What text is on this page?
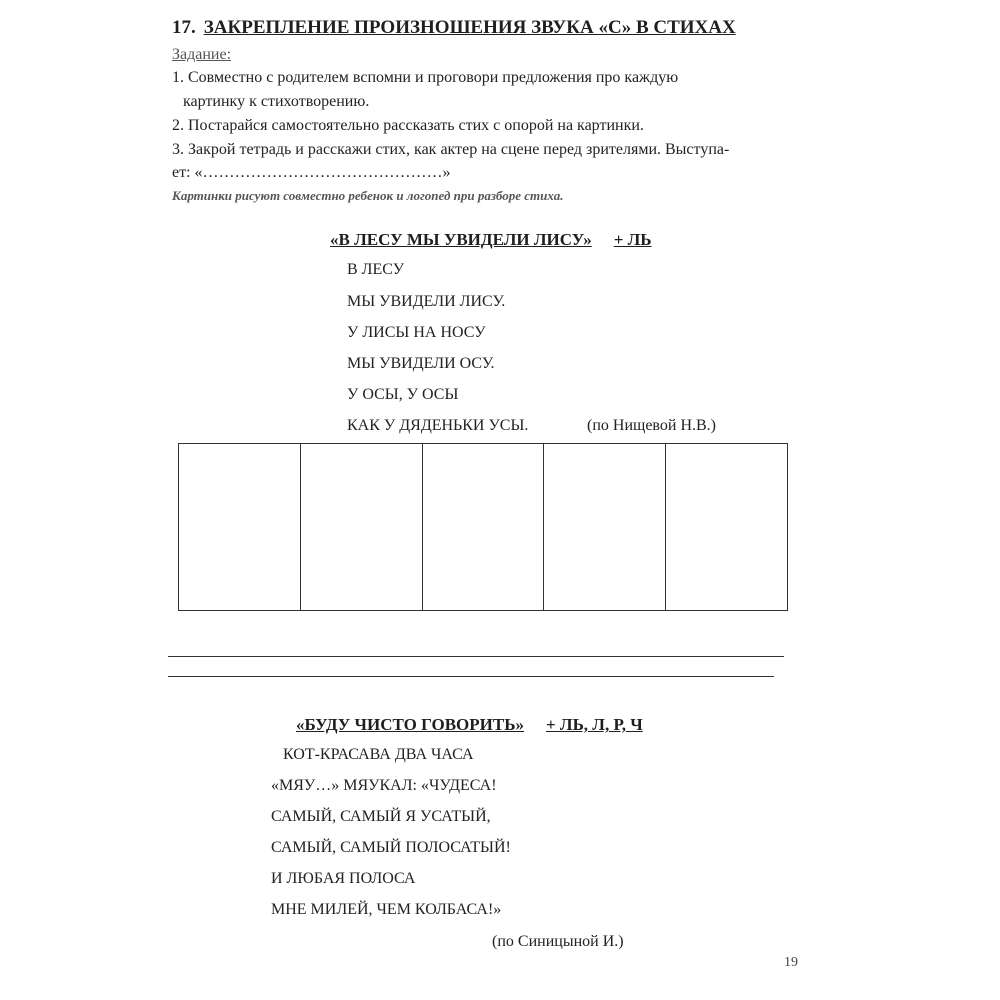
17. ЗАКРЕПЛЕНИЕ ПРОИЗНОШЕНИЯ ЗВУКА «С» В СТИХАХ
Задание:
1. Совместно с родителем вспомни и проговори предложения про каждую
картинку к стихотворению.
2. Постарайся самостоятельно рассказать стих с опорой на картинки.
3. Закрой тетрадь и расскажи стих, как актер на сцене перед зрителями. Выступа-
ет: «………………………………………»
Картинки рисуют совместно ребенок и логопед при разборе стиха.
«В ЛЕСУ МЫ УВИДЕЛИ ЛИСУ» + ЛЬ
В ЛЕСУ
МЫ УВИДЕЛИ ЛИСУ.
У ЛИСЫ НА НОСУ
МЫ УВИДЕЛИ ОСУ.
У ОСЫ, У ОСЫ
КАК У ДЯДЕНЬКИ УСЫ.	(по Нищевой Н.В.)
«БУДУ ЧИСТО ГОВОРИТЬ» + ЛЬ, Л, Р, Ч
КОТ-КРАСАВА ДВА ЧАСА
«МЯУ…» МЯУКАЛ: «ЧУДЕСА!
САМЫЙ, САМЫЙ Я УСАТЫЙ,
САМЫЙ, САМЫЙ ПОЛОСАТЫЙ!
И ЛЮБАЯ ПОЛОСА
МНЕ МИЛЕЙ, ЧЕМ КОЛБАСА!»
(по Синицыной И.)
19
